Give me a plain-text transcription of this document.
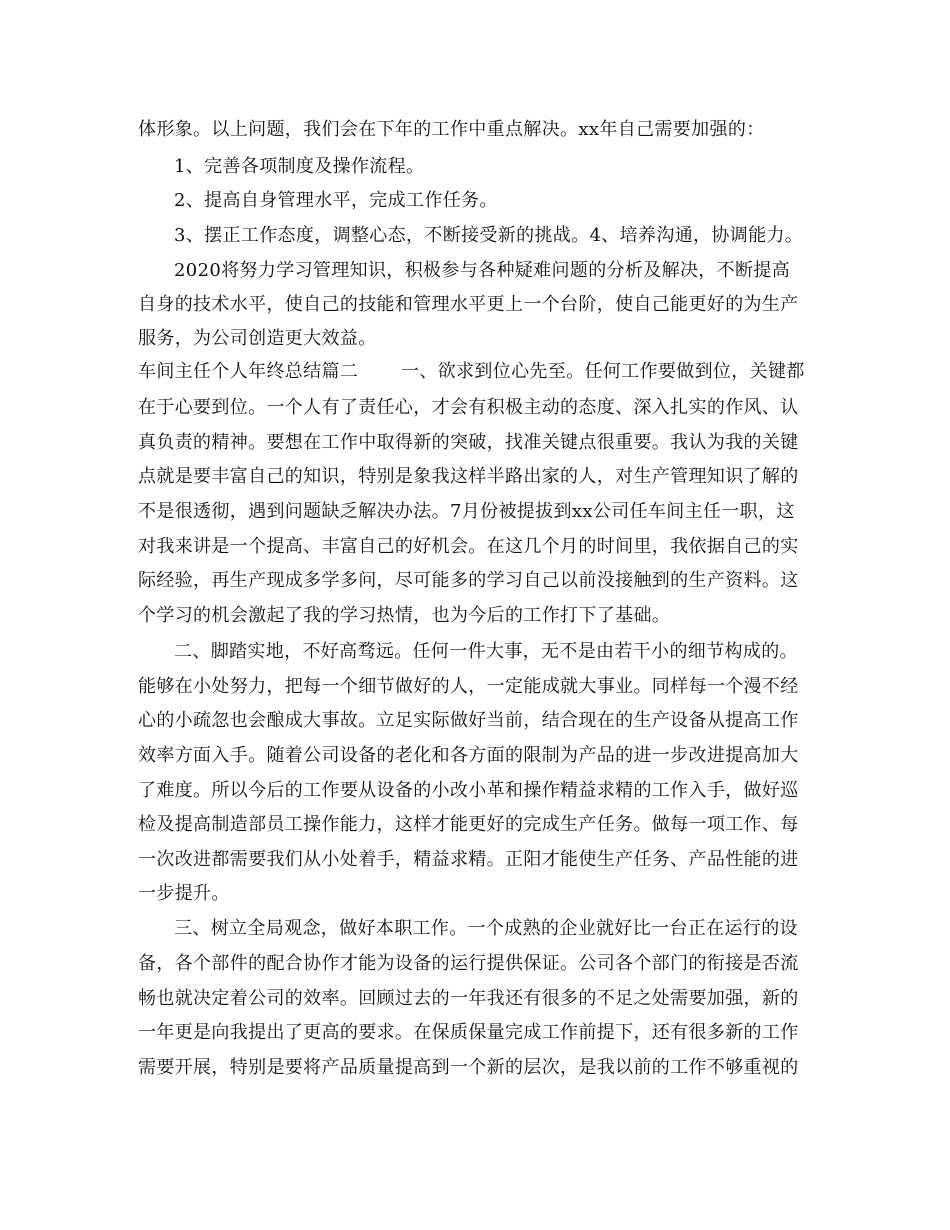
体形象。以上问题，我们会在下年的工作中重点解决。xx年自己需要加强的：
1、完善各项制度及操作流程。
2、提高自身管理水平，完成工作任务。
3、摆正工作态度，调整心态，不断接受新的挑战。4、培养沟通，协调能力。
2020将努力学习管理知识，积极参与各种疑难问题的分析及解决，不断提高
自身的技术水平，使自己的技能和管理水平更上一个台阶，使自己能更好的为生产
服务，为公司创造更大效益。
车间主任个人年终总结篇二　　 一、欲求到位心先至。任何工作要做到位，关键都
在于心要到位。一个人有了责任心，才会有积极主动的态度、深入扎实的作风、认
真负责的精神。要想在工作中取得新的突破，找准关键点很重要。我认为我的关键
点就是要丰富自己的知识，特别是象我这样半路出家的人，对生产管理知识了解的
不是很透彻，遇到问题缺乏解决办法。7月份被提拔到xx公司任车间主任一职，这
对我来讲是一个提高、丰富自己的好机会。在这几个月的时间里，我依据自己的实
际经验，再生产现成多学多问，尽可能多的学习自己以前没接触到的生产资料。这
个学习的机会激起了我的学习热情，也为今后的工作打下了基础。
二、脚踏实地，不好高骛远。任何一件大事，无不是由若干小的细节构成的。
能够在小处努力，把每一个细节做好的人，一定能成就大事业。同样每一个漫不经
心的小疏忽也会酿成大事故。立足实际做好当前，结合现在的生产设备从提高工作
效率方面入手。随着公司设备的老化和各方面的限制为产品的进一步改进提高加大
了难度。所以今后的工作要从设备的小改小革和操作精益求精的工作入手，做好巡
检及提高制造部员工操作能力，这样才能更好的完成生产任务。做每一项工作、每
一次改进都需要我们从小处着手，精益求精。正阳才能使生产任务、产品性能的进
一步提升。
三、树立全局观念，做好本职工作。一个成熟的企业就好比一台正在运行的设
备，各个部件的配合协作才能为设备的运行提供保证。公司各个部门的衔接是否流
畅也就决定着公司的效率。回顾过去的一年我还有很多的不足之处需要加强，新的
一年更是向我提出了更高的要求。在保质保量完成工作前提下，还有很多新的工作
需要开展，特别是要将产品质量提高到一个新的层次，是我以前的工作不够重视的
